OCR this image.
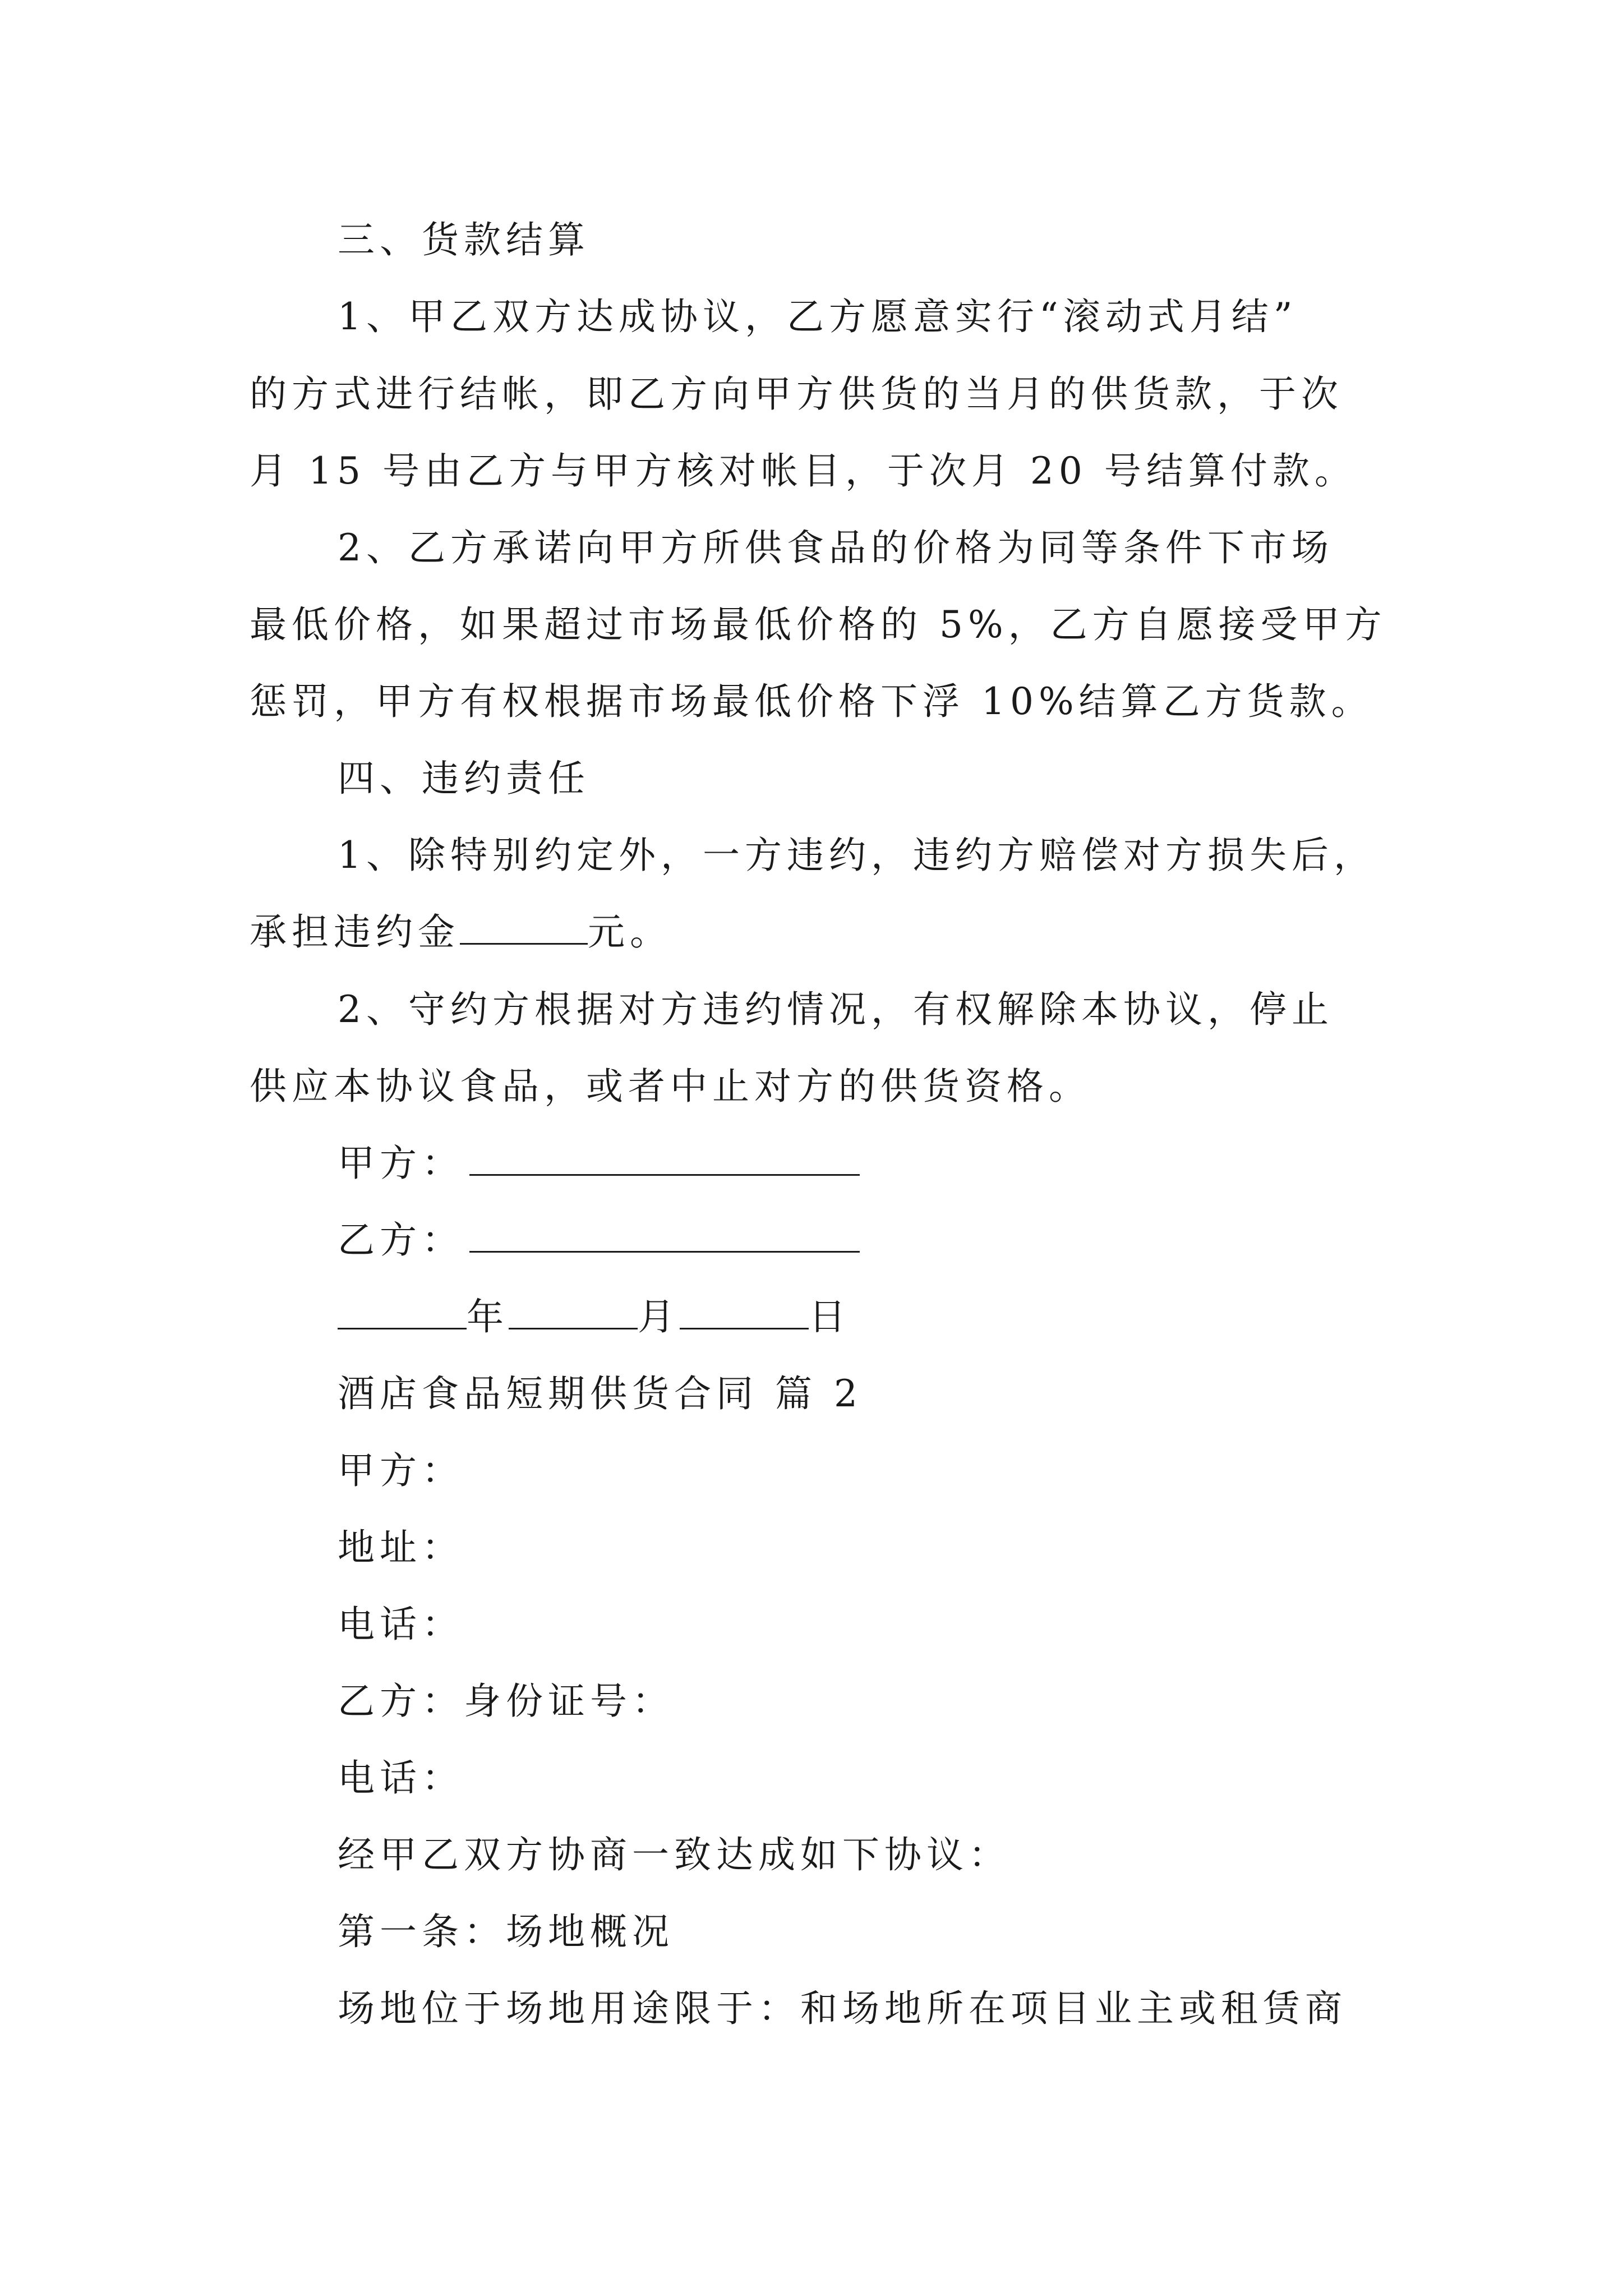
三、货款结算
1、甲乙双方达成协议，乙方愿意实行“滚动式月结”
的方式进行结帐，即乙方向甲方供货的当月的供货款，于次
月 15 号由乙方与甲方核对帐目，于次月 20 号结算付款。
2、乙方承诺向甲方所供食品的价格为同等条件下市场
最低价格，如果超过市场最低价格的 5%，乙方自愿接受甲方
惩罚，甲方有权根据市场最低价格下浮 10%结算乙方货款。
四、违约责任
1、除特别约定外，一方违约，违约方赔偿对方损失后，
承担违约金	元。
2、守约方根据对方违约情况，有权解除本协议，停止
供应本协议食品，或者中止对方的供货资格。
甲方：
乙方：
年	月	日
酒店食品短期供货合同 篇 2
甲方：
地址：
电话：
乙方：身份证号：
电话：
经甲乙双方协商一致达成如下协议：
第一条：场地概况
场地位于场地用途限于：和场地所在项目业主或租赁商
